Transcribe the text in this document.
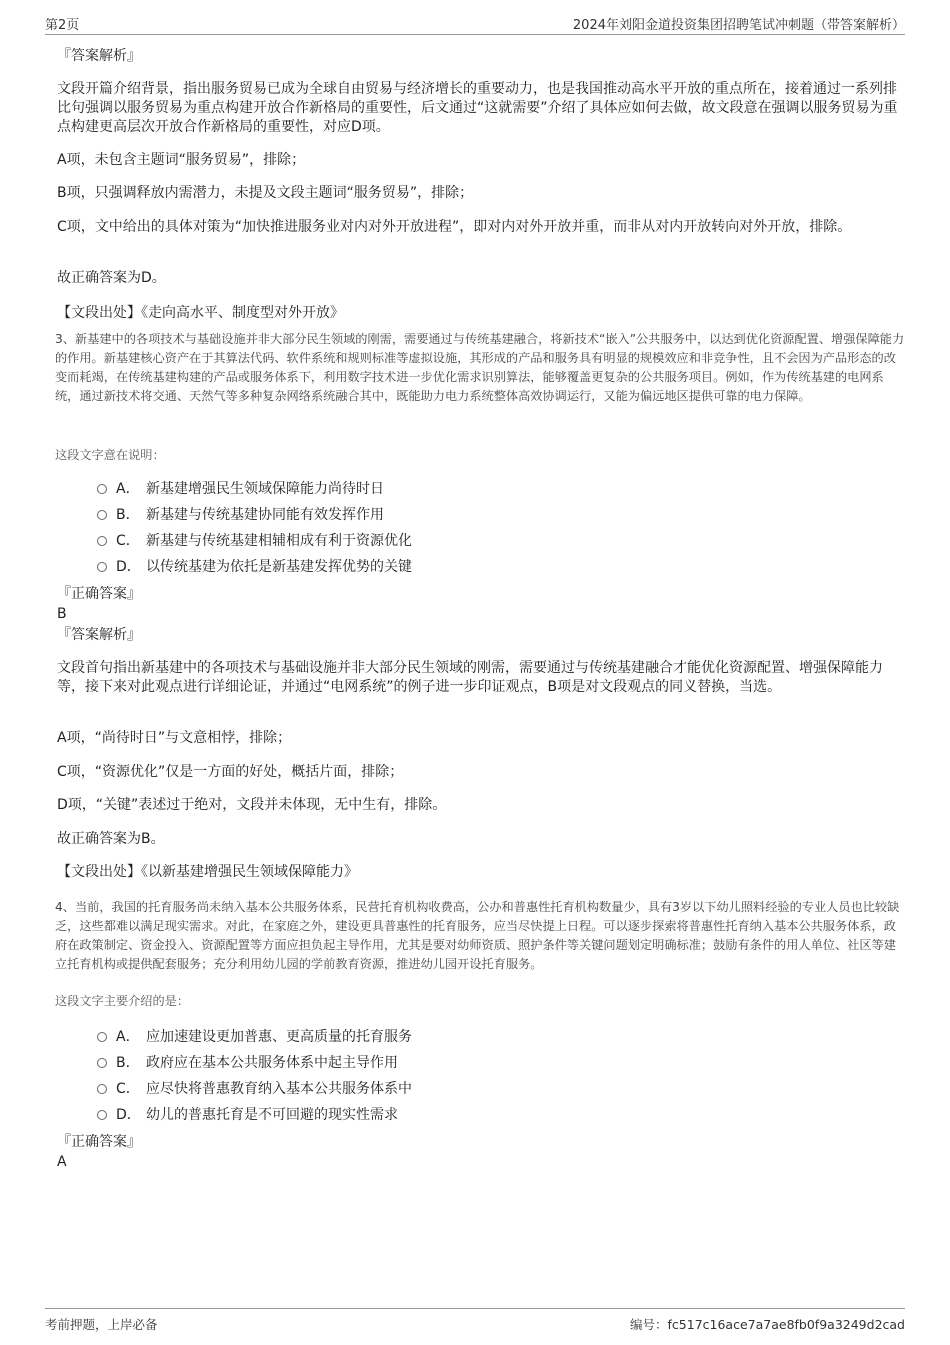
第2页	2024年刘阳金道投资集团招聘笔试冲刺题（带答案解析）

『答案解析』

文段开篇介绍背景，指出服务贸易已成为全球自由贸易与经济增长的重要动力，也是我国推动高水平开放的重点所在，接着通过一系列排比句强调以服务贸易为重点构建开放合作新格局的重要性，后文通过“这就需要”介绍了具体应如何去做，故文段意在强调以服务贸易为重点构建更高层次开放合作新格局的重要性，对应D项。

A项，未包含主题词“服务贸易”，排除；

B项，只强调释放内需潜力，未提及文段主题词“服务贸易”，排除；

C项，文中给出的具体对策为“加快推进服务业对内对外开放进程”，即对内对外开放并重，而非从对内开放转向对外开放，排除。

故正确答案为D。

【文段出处】《走向高水平、制度型对外开放》

3、新基建中的各项技术与基础设施并非大部分民生领域的刚需，需要通过与传统基建融合，将新技术“嵌入”公共服务中，以达到优化资源配置、增强保障能力的作用。新基建核心资产在于其算法代码、软件系统和规则标准等虚拟设施，其形成的产品和服务具有明显的规模效应和非竞争性，且不会因为产品形态的改变而耗竭，在传统基建构建的产品或服务体系下，利用数字技术进一步优化需求识别算法，能够覆盖更复杂的公共服务项目。例如，作为传统基建的电网系统，通过新技术将交通、天然气等多种复杂网络系统融合其中，既能助力电力系统整体高效协调运行，又能为偏远地区提供可靠的电力保障。

这段文字意在说明：

A． 新基建增强民生领域保障能力尚待时日
B． 新基建与传统基建协同能有效发挥作用
C． 新基建与传统基建相辅相成有利于资源优化
D． 以传统基建为依托是新基建发挥优势的关键

『正确答案』

B

『答案解析』

文段首句指出新基建中的各项技术与基础设施并非大部分民生领域的刚需，需要通过与传统基建融合才能优化资源配置、增强保障能力等，接下来对此观点进行详细论证，并通过“电网系统”的例子进一步印证观点，B项是对文段观点的同义替换，当选。

A项，“尚待时日”与文意相悖，排除；

C项，“资源优化”仅是一方面的好处，概括片面，排除；

D项，“关键”表述过于绝对，文段并未体现，无中生有，排除。

故正确答案为B。

【文段出处】《以新基建增强民生领域保障能力》

4、当前，我国的托育服务尚未纳入基本公共服务体系，民营托育机构收费高，公办和普惠性托育机构数量少，具有3岁以下幼儿照料经验的专业人员也比较缺乏，这些都难以满足现实需求。对此，在家庭之外，建设更具普惠性的托育服务，应当尽快提上日程。可以逐步探索将普惠性托育纳入基本公共服务体系，政府在政策制定、资金投入、资源配置等方面应担负起主导作用，尤其是要对幼师资质、照护条件等关键问题划定明确标准；鼓励有条件的用人单位、社区等建立托育机构或提供配套服务；充分利用幼儿园的学前教育资源，推进幼儿园开设托育服务。

这段文字主要介绍的是：

A． 应加速建设更加普惠、更高质量的托育服务
B． 政府应在基本公共服务体系中起主导作用
C． 应尽快将普惠教育纳入基本公共服务体系中
D． 幼儿的普惠托育是不可回避的现实性需求

『正确答案』

A

考前押题，上岸必备	编号：fc517c16ace7a7ae8fb0f9a3249d2cad
